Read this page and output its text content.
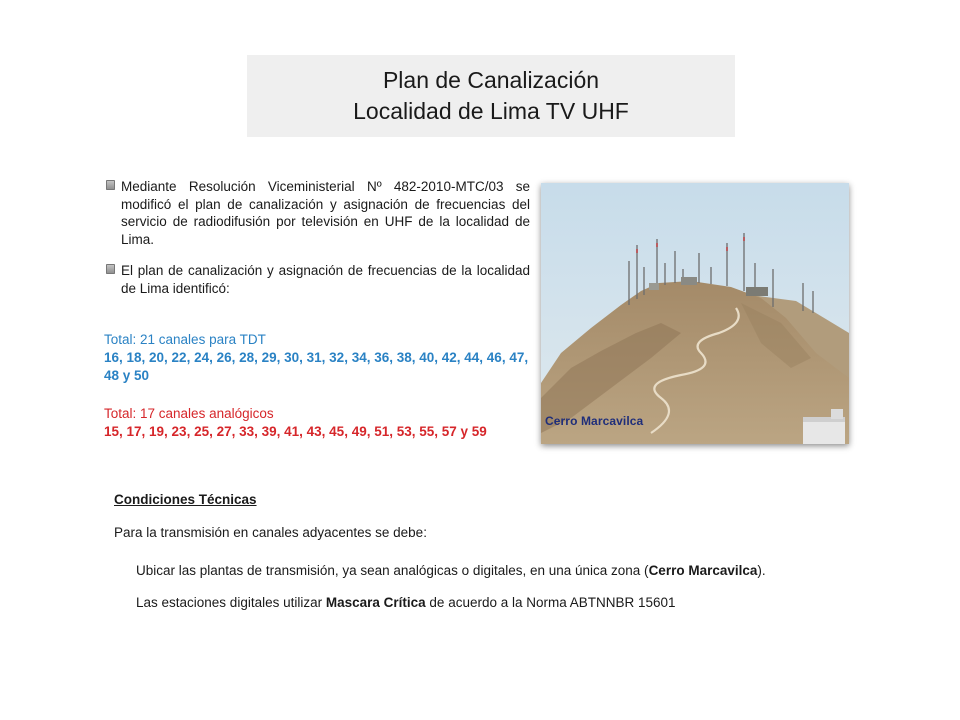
Plan de Canalización
Localidad de Lima TV UHF
Mediante Resolución Viceministerial Nº 482-2010-MTC/03 se modificó el plan de canalización y asignación de frecuencias del servicio de radiodifusión por televisión en UHF de la localidad de Lima.
El plan de canalización y asignación de frecuencias de la localidad de Lima identificó:
Total: 21 canales para TDT
16, 18, 20, 22, 24, 26, 28, 29, 30, 31, 32, 34, 36, 38, 40, 42, 44, 46, 47, 48 y 50
Total: 17 canales analógicos
15, 17, 19, 23, 25, 27, 33, 39, 41, 43, 45, 49, 51, 53, 55, 57 y 59
Cerro Marcavilca
Condiciones Técnicas
Para la transmisión en canales adyacentes se debe:
Ubicar las plantas de transmisión, ya sean analógicas o digitales, en una única zona (Cerro Marcavilca).
Las estaciones digitales utilizar Mascara Crítica de acuerdo a la Norma ABTNNBR 15601
